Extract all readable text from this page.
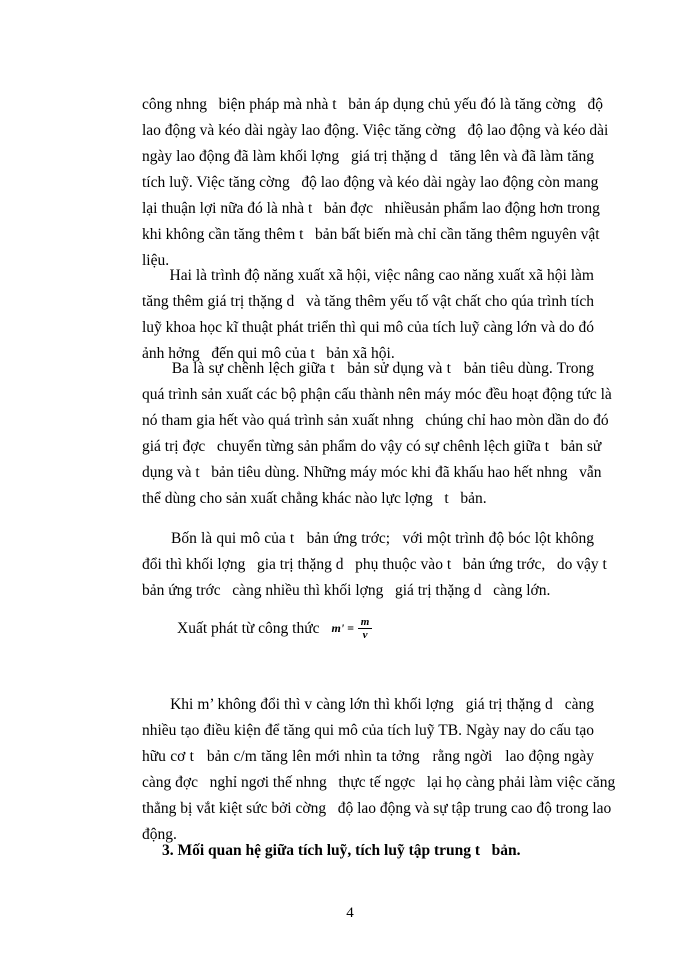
công nhng   biện pháp mà nhà t   bản áp dụng chủ yếu đó là tăng cờng   độ
lao động và kéo dài ngày lao động. Việc tăng cờng   độ lao động và kéo dài
ngày lao động đã làm khối lợng   giá trị thặng d   tăng lên và đã làm tăng
tích luỹ. Việc tăng cờng   độ lao động và kéo dài ngày lao động còn mang
lại thuận lợi nữa đó là nhà t   bản đợc   nhiềusản phẩm lao động hơn trong
khi không cần tăng thêm t   bản bất biến mà chỉ cần tăng thêm nguyên vật
liệu.
Hai là trình độ năng xuất xã hội, việc nâng cao năng xuất xã hội làm
tăng thêm giá trị thặng d   và tăng thêm yếu tố vật chất cho qúa trình tích
luỹ khoa học kĩ thuật phát triển thì qui mô của tích luỹ càng lớn và do đó
ảnh hởng   đến qui mô của t   bản xã hội.
Ba là sự chênh lệch giữa t   bản sử dụng và t   bản tiêu dùng. Trong
quá trình sản xuất các bộ phận cấu thành nên máy móc đều hoạt động tức là
nó tham gia hết vào quá trình sản xuất nhng   chúng chỉ hao mòn dần do đó
giá trị đợc   chuyển từng sản phẩm do vậy có sự chênh lệch giữa t   bản sử
dụng và t   bản tiêu dùng. Những máy móc khi đã khấu hao hết nhng   vẫn
thể dùng cho sản xuất chẳng khác nào lực lợng   t   bản.
Bốn là qui mô của t   bản ứng trớc;   với một trình độ bóc lột không
đổi thì khối lợng   gia trị thặng d   phụ thuộc vào t   bản ứng trớc,   do vậy t
bản ứng trớc   càng nhiều thì khối lợng   giá trị thặng d   càng lớn.
Xuất phát từ công thức $m' = \frac{m}{v}$
Khi m’ không đổi thì v càng lớn thì khối lợng   giá trị thặng d   càng
nhiều tạo điều kiện để tăng qui mô của tích luỹ TB. Ngày nay do cấu tạo
hữu cơ t   bản c/m tăng lên mới nhìn ta tởng   rằng ngời   lao động ngày
càng đợc   nghỉ ngơi thế nhng   thực tế ngợc   lại họ càng phải làm việc căng
thẳng bị vắt kiệt sức bởi cờng   độ lao động và sự tập trung cao độ trong lao
động.
3. Mối quan hệ giữa tích luỹ, tích luỹ tập trung t   bản.
4
